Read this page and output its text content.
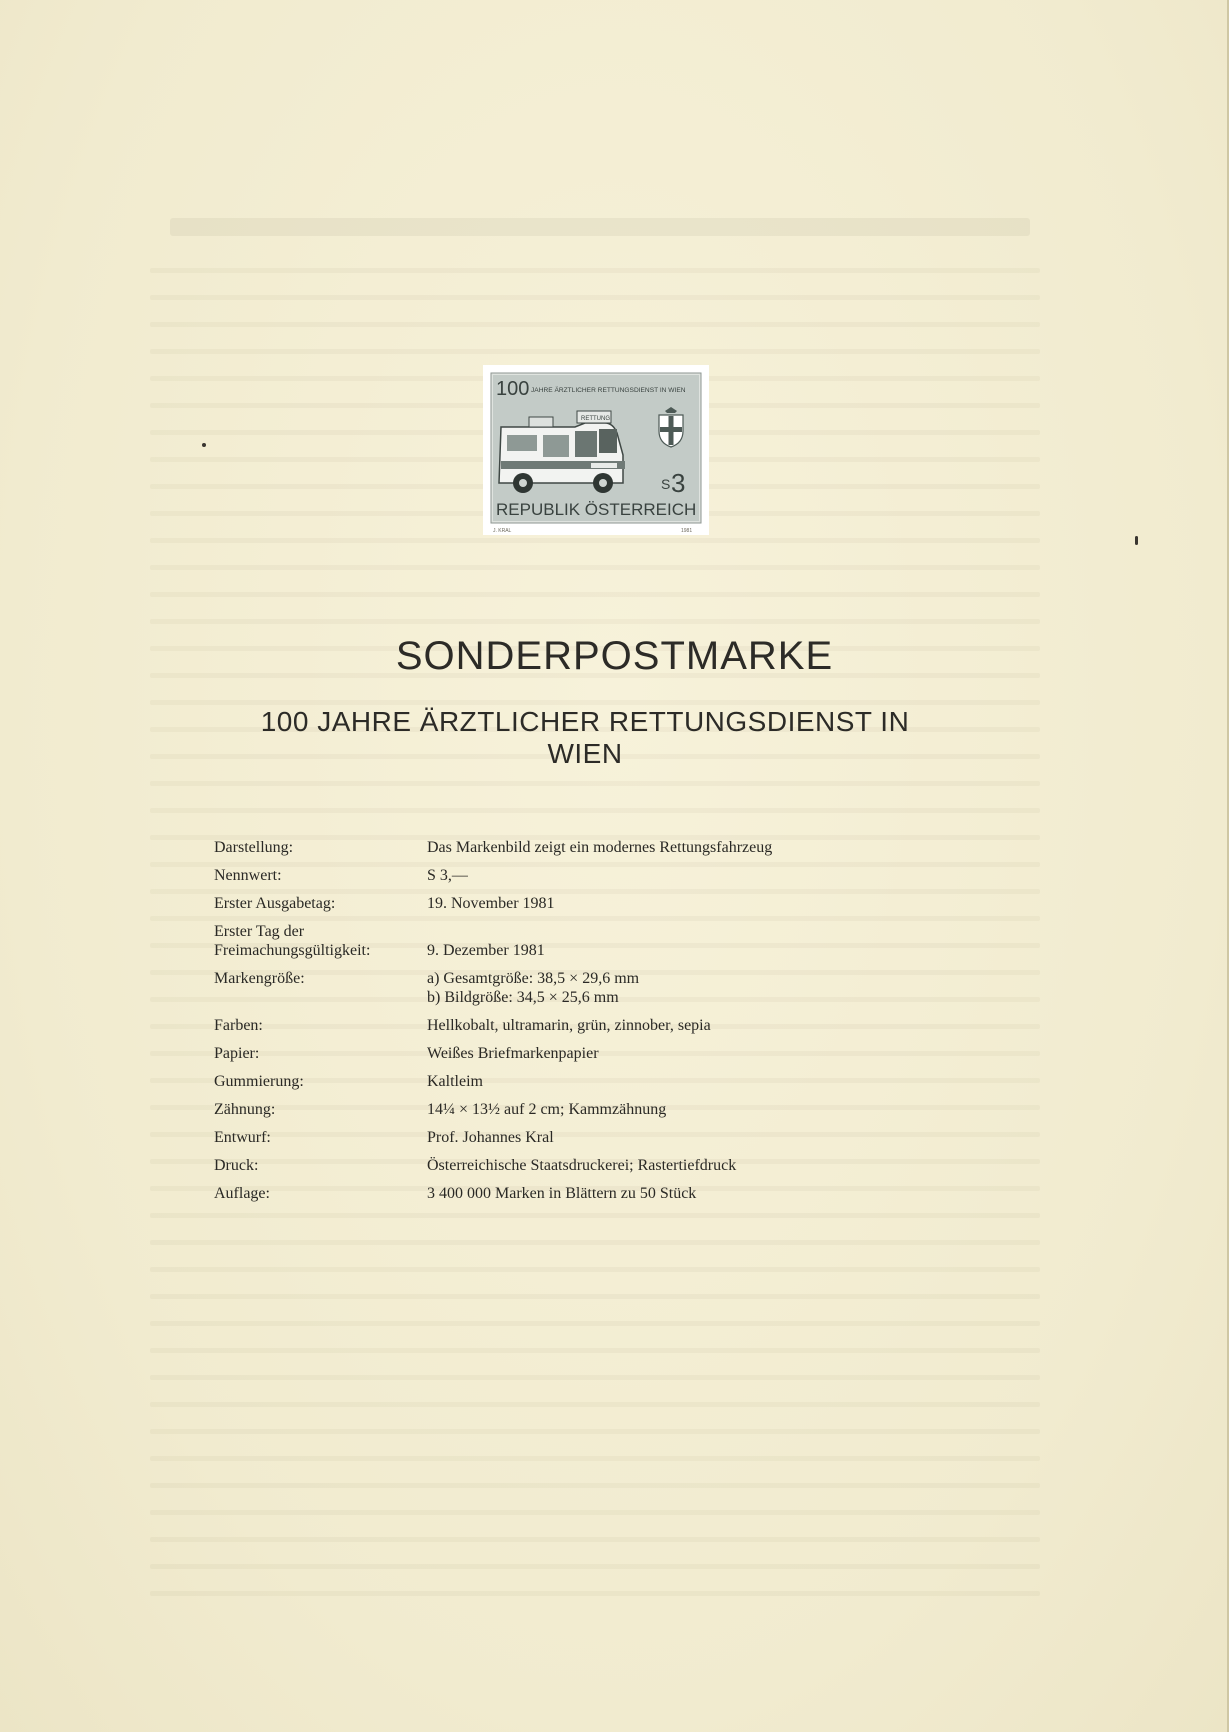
100 JAHRE ÄRZTLICHER RETTUNGSDIENST IN WIEN
RETTUNG
S 3
REPUBLIK ÖSTERREICH
J. KRAL	1981
SONDERPOSTMARKE
100 JAHRE ÄRZTLICHER RETTUNGSDIENST IN
WIEN
Darstellung:	Das Markenbild zeigt ein modernes Rettungsfahrzeug
Nennwert:	S 3,—
Erster Ausgabetag:	19. November 1981
Erster Tag der
Freimachungsgültigkeit:	9. Dezember 1981
Markengröße:	a) Gesamtgröße: 38,5 × 29,6 mm
b) Bildgröße: 34,5 × 25,6 mm
Farben:	Hellkobalt, ultramarin, grün, zinnober, sepia
Papier:	Weißes Briefmarkenpapier
Gummierung:	Kaltleim
Zähnung:	14¼ × 13½ auf 2 cm; Kammzähnung
Entwurf:	Prof. Johannes Kral
Druck:	Österreichische Staatsdruckerei; Rastertiefdruck
Auflage:	3 400 000 Marken in Blättern zu 50 Stück
